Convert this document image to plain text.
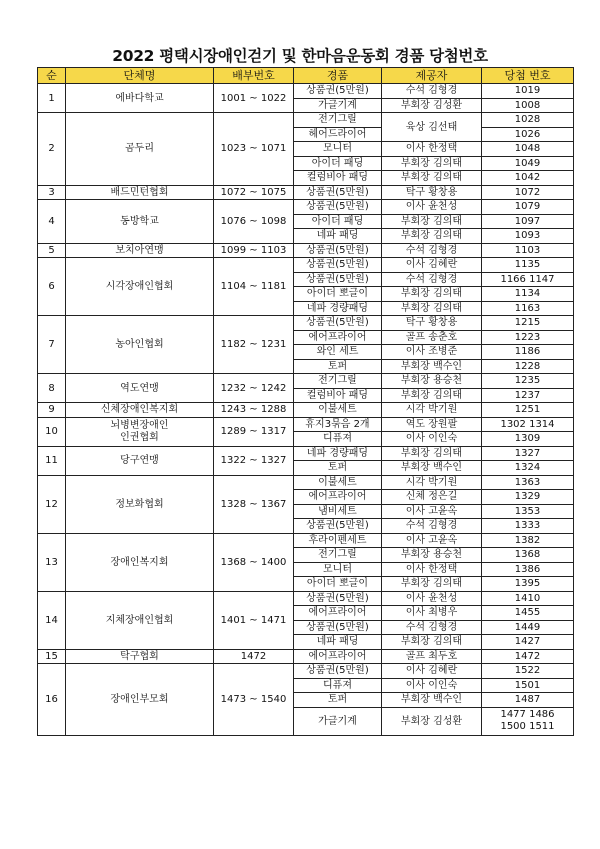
2022 평택시장애인걷기 및 한마음운동회 경품 당첨번호
순	단체명	배부번호	경품	제공자	당첨 번호
1	에바다학교	1001 ~ 1022	상품권(5만원)	수석 김형경	1019
			가글기계	부회장 김성환	1008
2	곰두리	1023 ~ 1071	전기그릴	육상 김선태	1028
			헤어드라이어		1026
			모니터	이사 한정택	1048
			아이더 패딩	부회장 김의태	1049
			컬럼비아 패딩	부회장 김의태	1042
3	배드민턴협회	1072 ~ 1075	상품권(5만원)	탁구 황창용	1072
4	동방학교	1076 ~ 1098	상품권(5만원)	이사 윤천성	1079
			아이더 패딩	부회장 김의태	1097
			네파 패딩	부회장 김의태	1093
5	보치아연맹	1099 ~ 1103	상품권(5만원)	수석 김형경	1103
6	시각장애인협회	1104 ~ 1181	상품권(5만원)	이사 김혜란	1135
			상품권(5만원)	수석 김형경	1166 1147
			아이더 뽀글이	부회장 김의태	1134
			네파 경량패딩	부회장 김의태	1163
7	농아인협회	1182 ~ 1231	상품권(5만원)	탁구 황창용	1215
			에어프라이어	골프 송춘호	1223
			와인 세트	이사 조병준	1186
			토퍼	부회장 백수인	1228
8	역도연맹	1232 ~ 1242	전기그릴	부회장 용승천	1235
			컬럼비아 패딩	부회장 김의태	1237
9	신체장애인복지회	1243 ~ 1288	이불세트	시각 박기원	1251
10	뇌병변장애인
인권협회	1289 ~ 1317	휴지3묶음 2개	역도 장원팔	1302 1314
			디퓨져	이사 이인숙	1309
11	당구연맹	1322 ~ 1327	네파 경량패딩	부회장 김의태	1327
			토퍼	부회장 백수인	1324
12	정보화협회	1328 ~ 1367	이불세트	시각 박기원	1363
			에어프라이어	신체 정은길	1329
			냄비세트	이사 고윤옥	1353
			상품권(5만원)	수석 김형경	1333
13	장애인복지회	1368 ~ 1400	후라이펜세트	이사 고윤옥	1382
			전기그릴	부회장 용승천	1368
			모니터	이사 한정택	1386
			아이더 뽀글이	부회장 김의태	1395
14	지체장애인협회	1401 ~ 1471	상품권(5만원)	이사 윤천성	1410
			에어프라이어	이사 최병우	1455
			상품권(5만원)	수석 김형경	1449
			네파 패딩	부회장 김의태	1427
15	탁구협회	1472	에어프라이어	골프 최두호	1472
16	장애인부모회	1473 ~ 1540	상품권(5만원)	이사 김혜란	1522
			디퓨져	이사 이인숙	1501
			토퍼	부회장 백수인	1487
			가글기계	부회장 김성환	1477 1486
1500 1511
